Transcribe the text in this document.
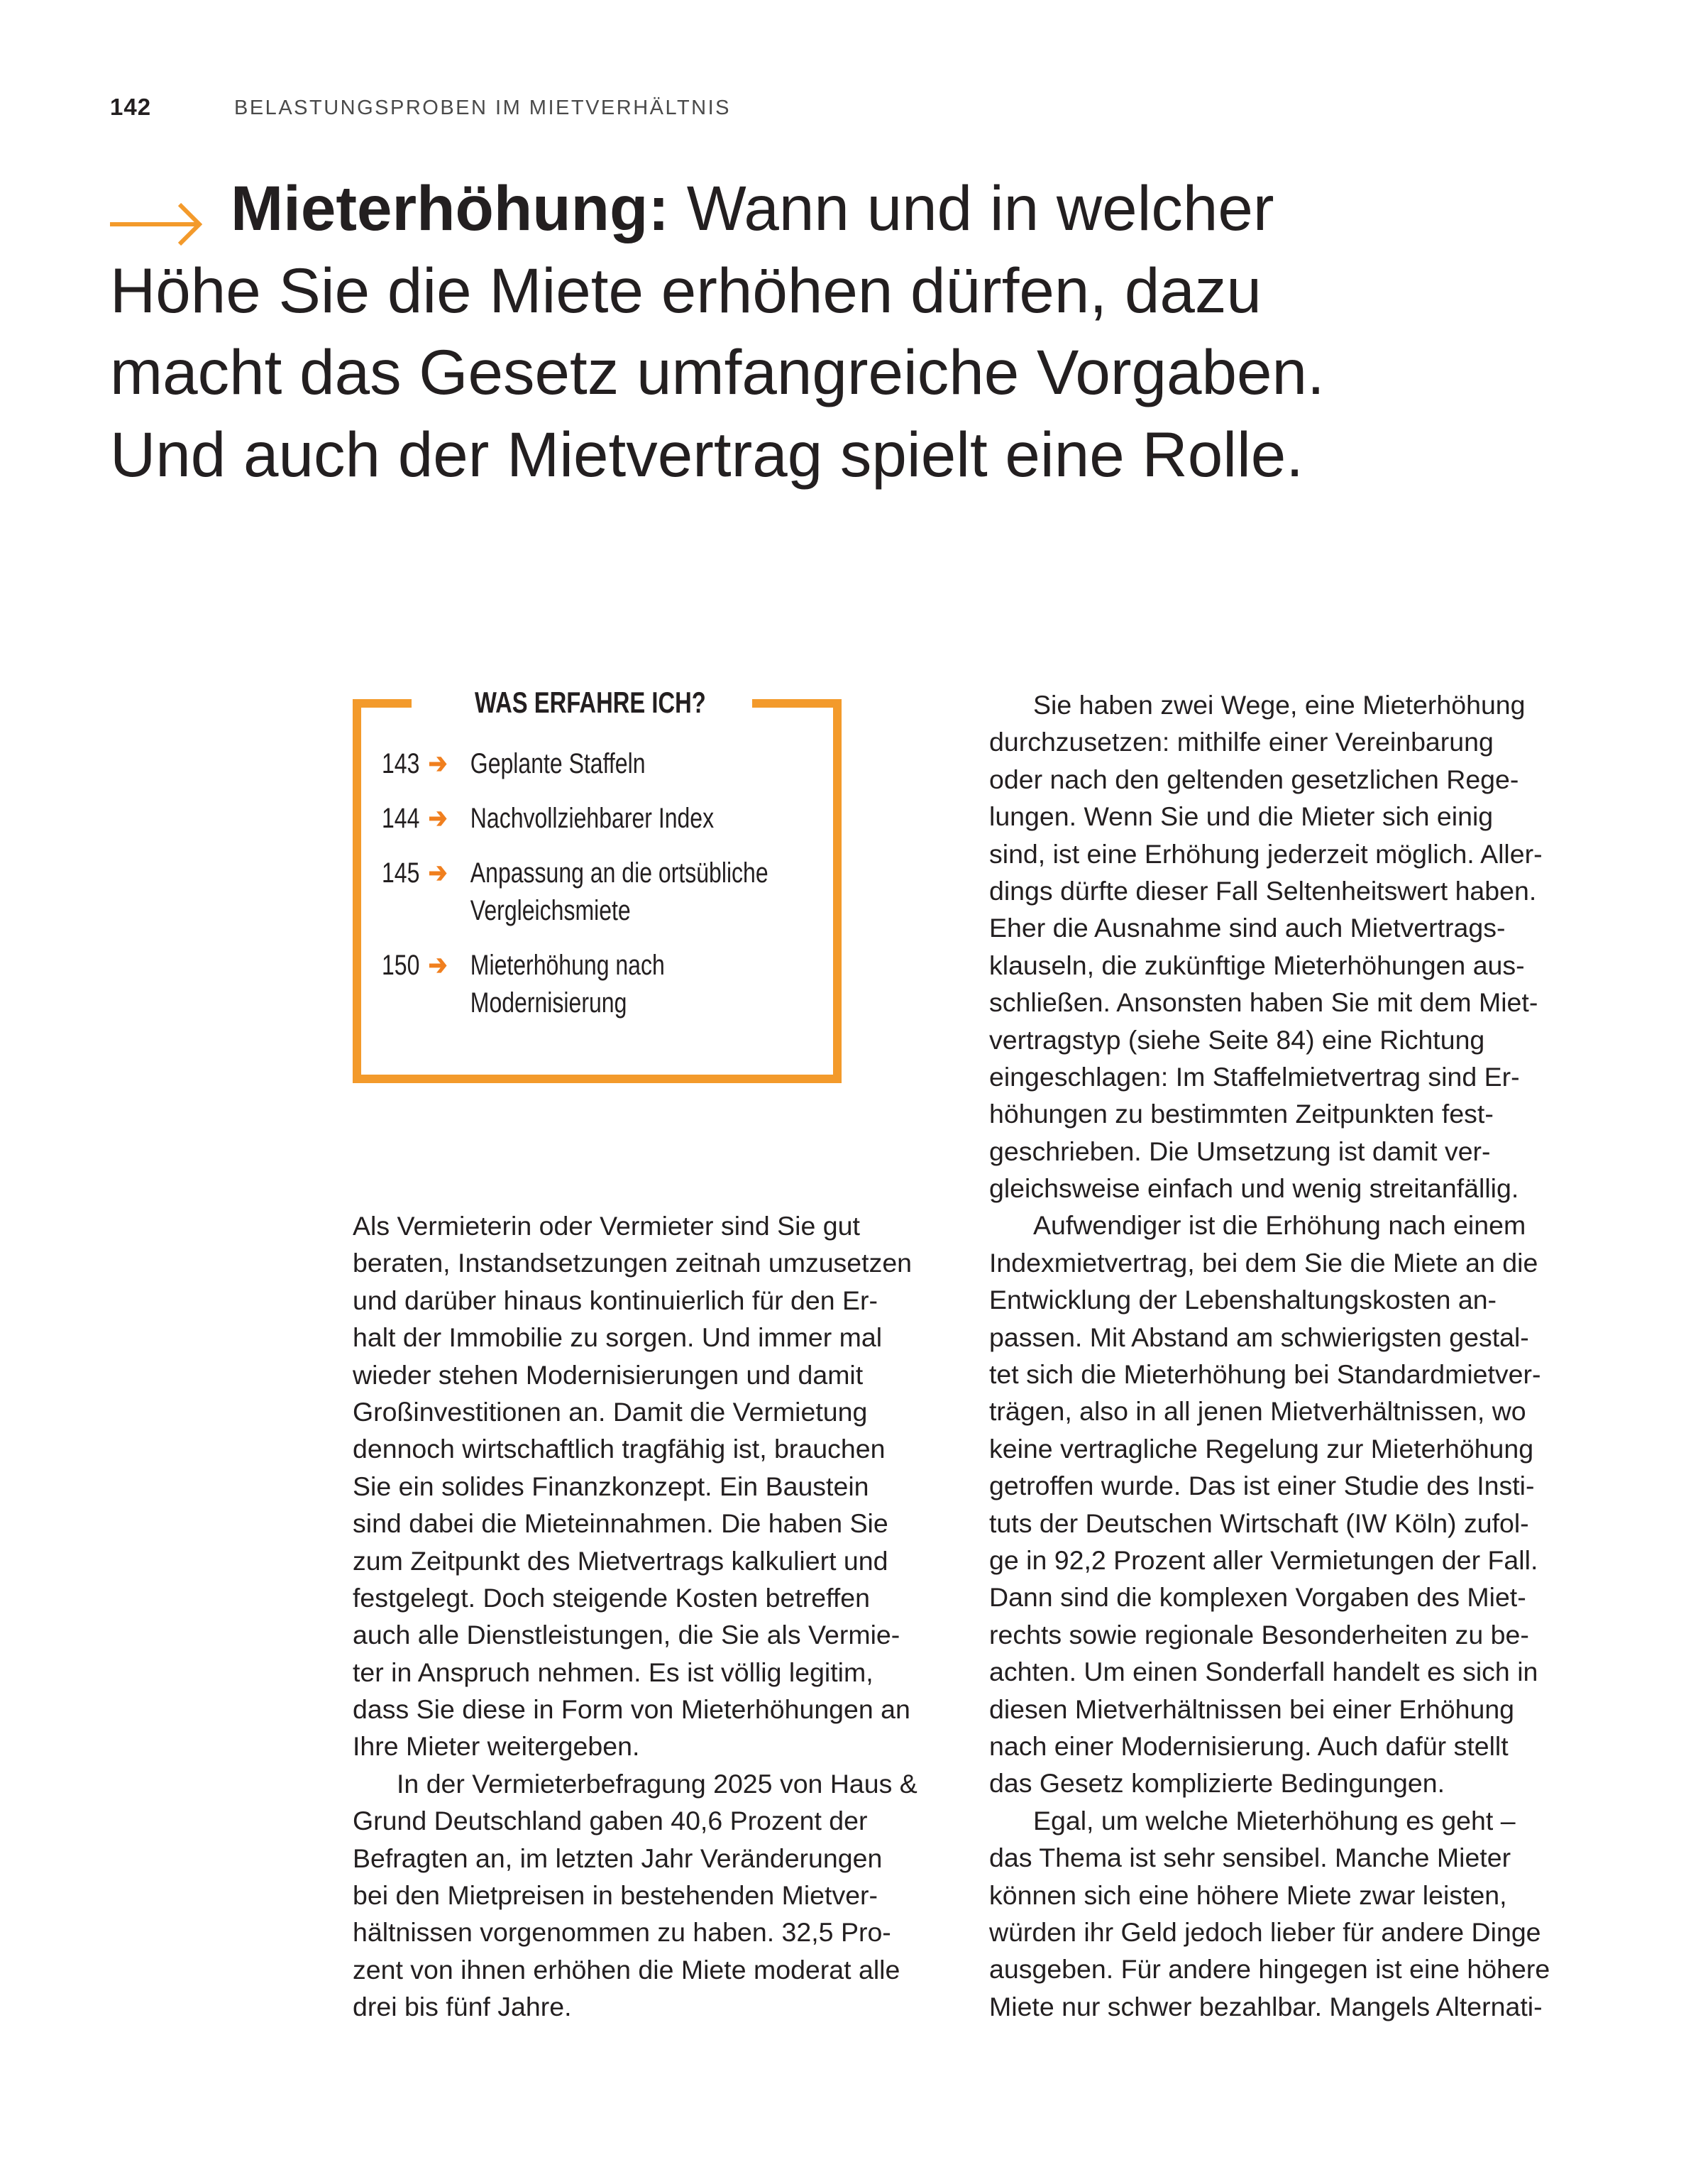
142	BELASTUNGSPROBEN IM MIETVERHÄLTNIS
Mieterhöhung: Wann und in welcher
Höhe Sie die Miete erhöhen dürfen, dazu
macht das Gesetz umfangreiche Vorgaben.
Und auch der Mietvertrag spielt eine Rolle.
WAS ERFAHRE ICH?
143 ➔ Geplante Staffeln
144 ➔ Nachvollziehbarer Index
145 ➔ Anpassung an die ortsübliche
Vergleichsmiete
150 ➔ Mieterhöhung nach
Modernisierung
Als Vermieterin oder Vermieter sind Sie gut
beraten, Instandsetzungen zeitnah umzusetzen
und darüber hinaus kontinuierlich für den Er-
halt der Immobilie zu sorgen. Und immer mal
wieder stehen Modernisierungen und damit
Großinvestitionen an. Damit die Vermietung
dennoch wirtschaftlich tragfähig ist, brauchen
Sie ein solides Finanzkonzept. Ein Baustein
sind dabei die Mieteinnahmen. Die haben Sie
zum Zeitpunkt des Mietvertrags kalkuliert und
festgelegt. Doch steigende Kosten betreffen
auch alle Dienstleistungen, die Sie als Vermie-
ter in Anspruch nehmen. Es ist völlig legitim,
dass Sie diese in Form von Mieterhöhungen an
Ihre Mieter weitergeben.
In der Vermieterbefragung 2025 von Haus &
Grund Deutschland gaben 40,6 Prozent der
Befragten an, im letzten Jahr Veränderungen
bei den Mietpreisen in bestehenden Mietver-
hältnissen vorgenommen zu haben. 32,5 Pro-
zent von ihnen erhöhen die Miete moderat alle
drei bis fünf Jahre.
Sie haben zwei Wege, eine Mieterhöhung
durchzusetzen: mithilfe einer Vereinbarung
oder nach den geltenden gesetzlichen Rege-
lungen. Wenn Sie und die Mieter sich einig
sind, ist eine Erhöhung jederzeit möglich. Aller-
dings dürfte dieser Fall Seltenheitswert haben.
Eher die Ausnahme sind auch Mietvertrags-
klauseln, die zukünftige Mieterhöhungen aus-
schließen. Ansonsten haben Sie mit dem Miet-
vertragstyp (siehe Seite 84) eine Richtung
eingeschlagen: Im Staffelmietvertrag sind Er-
höhungen zu bestimmten Zeitpunkten fest-
geschrieben. Die Umsetzung ist damit ver-
gleichsweise einfach und wenig streitanfällig.
Aufwendiger ist die Erhöhung nach einem
Indexmietvertrag, bei dem Sie die Miete an die
Entwicklung der Lebenshaltungskosten an-
passen. Mit Abstand am schwierigsten gestal-
tet sich die Mieterhöhung bei Standardmietver-
trägen, also in all jenen Mietverhältnissen, wo
keine vertragliche Regelung zur Mieterhöhung
getroffen wurde. Das ist einer Studie des Insti-
tuts der Deutschen Wirtschaft (IW Köln) zufol-
ge in 92,2 Prozent aller Vermietungen der Fall.
Dann sind die komplexen Vorgaben des Miet-
rechts sowie regionale Besonderheiten zu be-
achten. Um einen Sonderfall handelt es sich in
diesen Mietverhältnissen bei einer Erhöhung
nach einer Modernisierung. Auch dafür stellt
das Gesetz komplizierte Bedingungen.
Egal, um welche Mieterhöhung es geht –
das Thema ist sehr sensibel. Manche Mieter
können sich eine höhere Miete zwar leisten,
würden ihr Geld jedoch lieber für andere Dinge
ausgeben. Für andere hingegen ist eine höhere
Miete nur schwer bezahlbar. Mangels Alternati-
